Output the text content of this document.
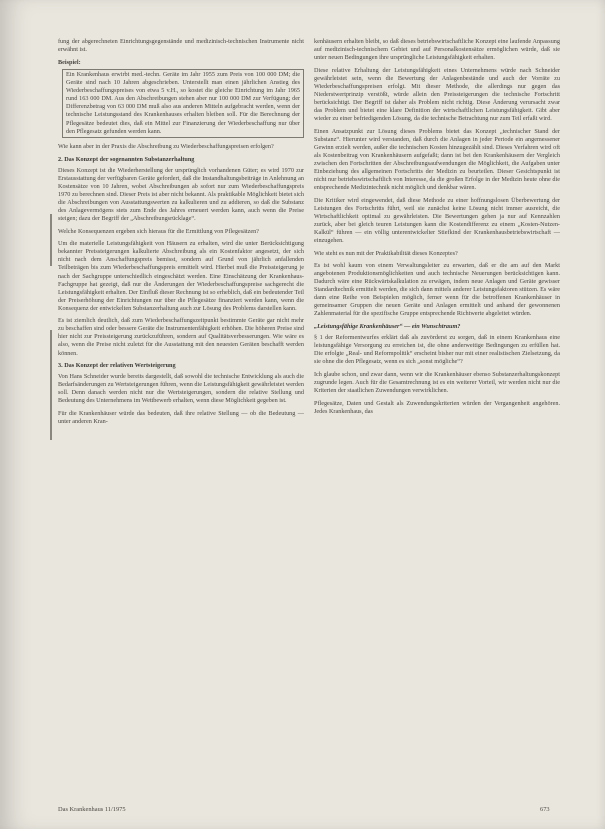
fung der abgerechneten Einrichtungsgegenstände und medizinisch-technischen Instrumente nicht erwähnt ist.

Beispiel:

Ein Krankenhaus erwirbt med.-techn. Geräte im Jahr 1955 zum Preis von 100 000 DM; die Geräte sind nach 10 Jahren abgeschrieben. Unterstellt man einen jährlichen Anstieg des Wiederbeschaffungspreises von etwa 5 v.H., so kostet die gleiche Einrichtung im Jahr 1965 rund 163 000 DM. Aus den Abschreibungen stehen aber nur 100 000 DM zur Verfügung; der Differenzbetrag von 63 000 DM muß also aus anderen Mitteln aufgebracht werden, wenn der technische Leistungsstand des Krankenhauses erhalten bleiben soll. Für die Berechnung der Pflegesätze bedeutet dies, daß ein Mittel zur Finanzierung der Wiederbeschaffung nur über den Pflegesatz gefunden werden kann.

Wie kann aber in der Praxis die Abschreibung zu Wiederbeschaffungspreisen erfolgen?

2. Das Konzept der sogenannten Substanzerhaltung

Dieses Konzept ist die Wiederherstellung der ursprünglich vorhandenen Güter; es wird 1970 zur Erstausstattung der verfügbaren Geräte gefordert, daß die Instandhaltungsbeiträge in Anlehnung an Kostensätze von 10 Jahren, wobei Abschreibungen ab sofort nur zum Wiederbeschaffungspreis 1970 zu berechnen sind. Dieser Preis ist aber nicht bekannt. Als praktikable Möglichkeit bietet sich die Abschreibungen von Ausstattungswerten zu kalkulieren und zu addieren, so daß die Substanz des Anlagevermögens stets zum Ende des Jahres erneuert werden kann, auch wenn die Preise steigen; dazu der Begriff der „Abschreibungsrücklage“.

Welche Konsequenzen ergeben sich hieraus für die Ermittlung von Pflegesätzen?

Um die materielle Leistungsfähigkeit von Häusern zu erhalten, wird die unter Berücksichtigung bekannter Preissteigerungen kalkulierte Abschreibung als ein Kostenfaktor angesetzt, der sich nicht nach dem Anschaffungspreis bemisst, sondern auf Grund von jährlich anfallenden Teilbeträgen bis zum Wiederbeschaffungspreis ermittelt wird. Hierbei muß die Preissteigerung je nach der Sachgruppe unterschiedlich eingeschätzt werden. Eine Einschätzung der Krankenhaus-Fachgruppe hat gezeigt, daß nur die Änderungen der Wiederbeschaffungspreise sachgerecht die Leistungsfähigkeit erhalten. Der Einfluß dieser Rechnung ist so erheblich, daß ein bedeutender Teil der Preiserhöhung der Einrichtungen nur über die Pflegesätze finanziert werden kann, wenn die Konsequenz der entwickelten Substanzerhaltung auch zur Lösung des Problems darstellen kann.

Es ist ziemlich deutlich, daß zum Wiederbeschaffungszeitpunkt bestimmte Geräte gar nicht mehr zu beschaffen sind oder bessere Geräte die Instrumentenfähigkeit erhöhen. Die höheren Preise sind hier nicht zur Preissteigerung zurückzuführen, sondern auf Qualitätsverbesserungen. Wie wäre es also, wenn die Preise nicht zuletzt für die Ausstattung mit den neuesten Geräten beschafft werden können.

3. Das Konzept der relativen Wertsteigerung

Von Hans Schneider wurde bereits dargestellt, daß sowohl die technische Entwicklung als auch die Bedarfsänderungen zu Wertsteigerungen führen, wenn die Leistungsfähigkeit gewährleistet werden soll. Denn danach werden nicht nur die Wertsteigerungen, sondern die relative Stellung und Bedeutung des Unternehmens im Wettbewerb erhalten, wenn diese Möglichkeit gegeben ist.

Für die Krankenhäuser würde das bedeuten, daß ihre relative Stellung — ob die Bedeutung — unter anderen Kran-

kenhäusern erhalten bleibt, so daß dieses betriebswirtschaftliche Konzept eine laufende Anpassung auf medizinisch-technischem Gebiet und auf Personalkostensätze ermöglichen würde, daß sie unter neuen Bedingungen ihre ursprüngliche Leistungsfähigkeit erhalten.

Diese relative Erhaltung der Leistungsfähigkeit eines Unternehmens würde nach Schneider gewährleistet sein, wenn die Bewertung der Anlagenbestände und auch der Vorräte zu Wiederbeschaffungspreisen erfolgt. Mit dieser Methode, die allerdings nur gegen das Niederstwertprinzip verstößt, würde allein den Preissteigerungen die technische Fortschritt berücksichtigt. Der Begriff ist daher als Problem nicht richtig. Diese Änderung verursacht zwar das Problem und bietet eine klare Definition der wirtschaftlichen Leistungsfähigkeit. Gibt aber wieder zu einer befriedigenden Lösung, da die technische Betrachtung nur zum Teil erfaßt wird.

Einen Ansatzpunkt zur Lösung dieses Problems bietet das Konzept „technischer Stand der Substanz“. Hierunter wird verstanden, daß durch die Anlagen in jeder Periode ein angemessener Gewinn erzielt werden, außer die technischen Kosten hinzugezählt sind. Dieses Verfahren wird oft als Kostenbeitrag von Krankenhäusern aufgefaßt; dann ist bei den Krankenhäusern der Vergleich zwischen den Fortschritten der Abschreibungsaufwendungen die Möglichkeit, die Aufgaben unter Einbeziehung des allgemeinen Fortschritts der Medizin zu beurteilen. Dieser Gesichtspunkt ist nicht nur betriebswirtschaftlich von Interesse, da die großen Erfolge in der Medizin heute ohne die entsprechende Medizintechnik nicht möglich und denkbar wären.

Die Kritiker wird eingewendet, daß diese Methode zu einer hoffnungslosen Überbewertung der Leistungen des Fortschritts führt, weil sie zunächst keine Lösung nicht immer ausreicht, die Wirtschaftlichkeit optimal zu gewährleisten. Die Bewertungen gehen ja nur auf Kennzahlen zurück, aber bei gleich teuren Leistungen kann die Kostendifferenz zu einem „Kosten-Nutzen-Kalkül“ führen — ein völlig unterentwickelter Stiefkind der Krankenhausbetriebswirtschaft — einzugehen.

Wie steht es nun mit der Praktikabilität dieses Konzeptes?

Es ist wohl kaum von einem Verwaltungsleiter zu erwarten, daß er die am auf den Markt angebotenen Produktionsmöglichkeiten und auch technische Neuerungen berücksichtigen kann. Dadurch wäre eine Rückwärtskalkulation zu erwägen, indem neue Anlagen und Geräte gewisser Standardtechnik ermittelt werden, die sich dann mittels anderer Leistungsfaktoren stützen. Es wäre dann eine Reihe von Beispielen möglich, ferner wenn für die betroffenen Krankenhäuser in gemeinsamer Gruppen die neuen Geräte und Anlagen ermittelt und anhand der gewonnenen Zahlenmaterial für die spezifische Gruppe entsprechende Richtwerte abgeleitet würden.

„Leistungsfähige Krankenhäuser“ — ein Wunschtraum?

§ 1 der Reformentwurfes erklärt daß als zuvörderst zu sorgen, daß in einem Krankenhaus eine leistungsfähige Versorgung zu erreichen ist, die ohne anderweitige Bedingungen zu erfüllen hat. Die erfolgte „Real- und Reformpolitik“ erscheint bisher nur mit einer realistischen Zielsetzung, da sie ohne die den Pflegesatz, wenn es sich „sonst mögliche“?

Ich glaube schon, und zwar dann, wenn wir die Krankenhäuser ebenso Substanzerhaltungskonzept zugrunde legen. Auch für die Gesamtrechnung ist es ein weiterer Vorteil, wir werden nicht nur die Kriterien der staatlichen Zuwendungen verwirklichen.

Pflegesätze, Daten und Gestalt als Zuwendungskriterien würden der Vergangenheit angehören. Jedes Krankenhaus, das

Das Krankenhaus 11/1975	673
